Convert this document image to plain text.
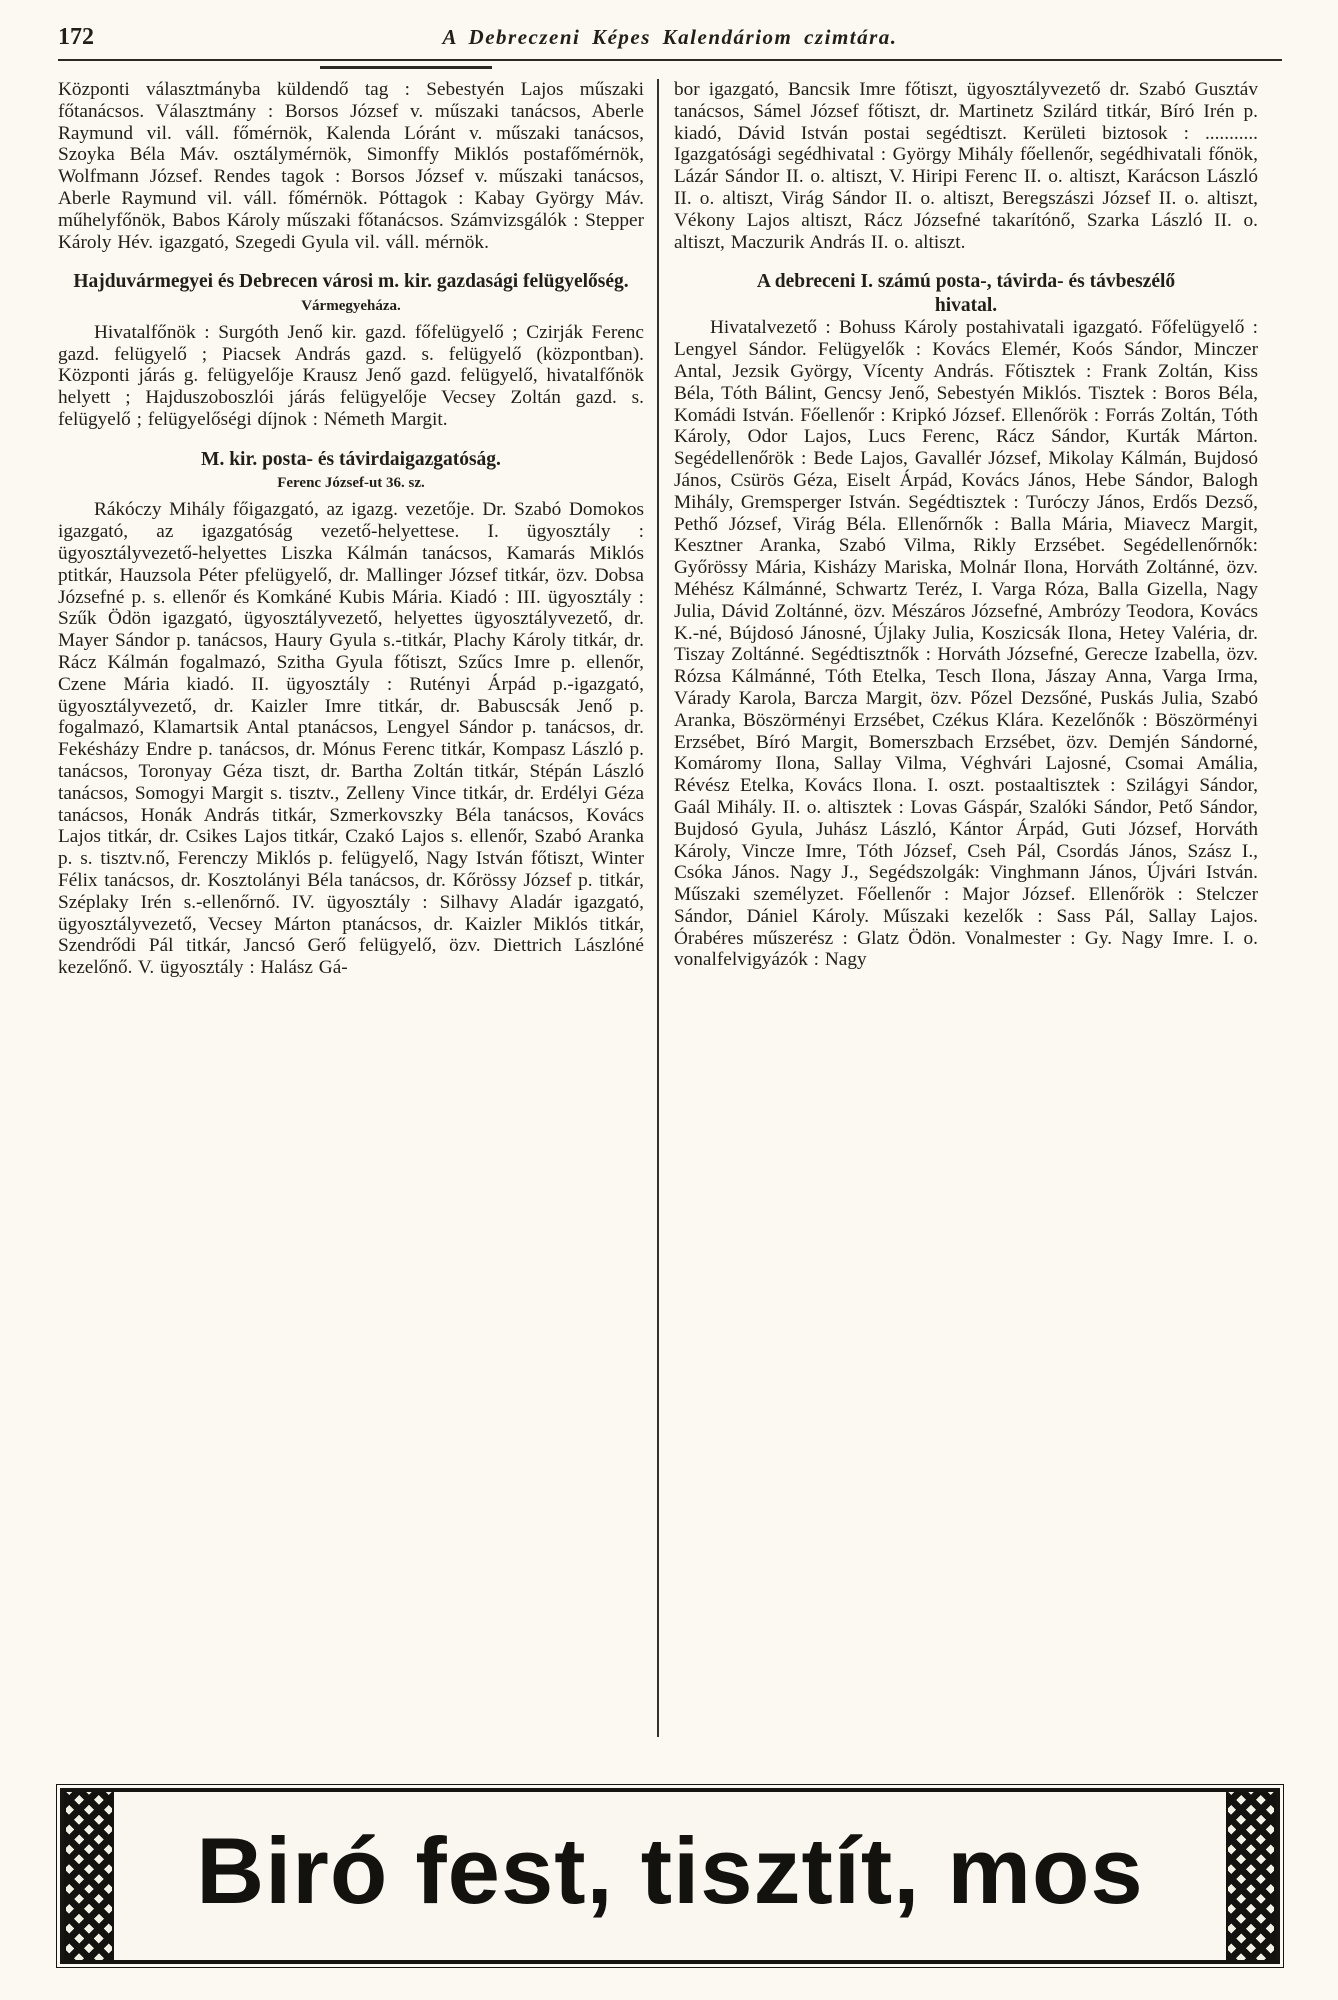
172	A Debreczeni Képes Kalendáriom czimtára.

Központi választmányba küldendő tag : Sebestyén Lajos műszaki főtanácsos. Választmány : Borsos József v. műszaki tanácsos, Aberle Raymund vil. váll. főmérnök, Kalenda Lóránt v. műszaki tanácsos, Szoyka Béla Máv. osztálymérnök, Simonffy Miklós postafőmérnök, Wolfmann József. Rendes tagok : Borsos József v. műszaki tanácsos, Aberle Raymund vil. váll. főmérnök. Póttagok : Kabay György Máv. műhelyfőnök, Babos Károly műszaki főtanácsos. Számvizsgálók : Stepper Károly Hév. igazgató, Szegedi Gyula vil. váll. mérnök.

Hajduvármegyei és Debrecen városi m. kir. gazdasági felügyelőség.
Vármegyeháza.

Hivatalfőnök : Surgóth Jenő kir. gazd. főfelügyelő ; Czirják Ferenc gazd. felügyelő ; Piacsek András gazd. s. felügyelő (központban). Központi járás g. felügyelője Krausz Jenő gazd. felügyelő, hivatalfőnök helyett ; Hajduszoboszlói járás felügyelője Vecsey Zoltán gazd. s. felügyelő ; felügyelőségi díjnok : Németh Margit.

M. kir. posta- és távirdaigazgatóság.
Ferenc József-ut 36. sz.

Rákóczy Mihály főigazgató, az igazg. vezetője. Dr. Szabó Domokos igazgató, az igazgatóság vezető-helyettese. I. ügyosztály : ügyosztályvezető-helyettes Liszka Kálmán tanácsos, Kamarás Miklós ptitkár, Hauzsola Péter pfelügyelő, dr. Mallinger József titkár, özv. Dobsa Józsefné p. s. ellenőr és Komkáné Kubis Mária. Kiadó : III. ügyosztály : Szűk Ödön igazgató, ügyosztályvezető, helyettes ügyosztályvezető, dr. Mayer Sándor p. tanácsos, Haury Gyula s.-titkár, Plachy Károly titkár, dr. Rácz Kálmán fogalmazó, Szitha Gyula főtiszt, Szűcs Imre p. ellenőr, Czene Mária kiadó. II. ügyosztály : Rutényi Árpád p.-igazgató, ügyosztályvezető, dr. Kaizler Imre titkár, dr. Babuscsák Jenő p. fogalmazó, Klamartsik Antal ptanácsos, Lengyel Sándor p. tanácsos, dr. Fekésházy Endre p. tanácsos, dr. Mónus Ferenc titkár, Kompasz László p. tanácsos, Toronyay Géza tiszt, dr. Bartha Zoltán titkár, Stépán László tanácsos, Somogyi Margit s. tisztv., Zelleny Vince titkár, dr. Erdélyi Géza tanácsos, Honák András titkár, Szmerkovszky Béla tanácsos, Kovács Lajos titkár, dr. Csikes Lajos titkár, Czakó Lajos s. ellenőr, Szabó Aranka p. s. tisztv.nő, Ferenczy Miklós p. felügyelő, Nagy István főtiszt, Winter Félix tanácsos, dr. Kosztolányi Béla tanácsos, dr. Kőrössy József p. titkár, Széplaky Irén s.-ellenőrnő. IV. ügyosztály : Silhavy Aladár igazgató, ügyosztályvezető, Vecsey Márton ptanácsos, dr. Kaizler Miklós titkár, Szendrődi Pál titkár, Jancsó Gerő felügyelő, özv. Diettrich Lászlóné kezelőnő. V. ügyosztály : Halász Gá-

bor igazgató, Bancsik Imre főtiszt, ügyosztályvezető dr. Szabó Gusztáv tanácsos, Sámel József főtiszt, dr. Martinetz Szilárd titkár, Bíró Irén p. kiadó, Dávid István postai segédtiszt. Kerületi biztosok : ........... Igazgatósági segédhivatal : György Mihály főellenőr, segédhivatali főnök, Lázár Sándor II. o. altiszt, V. Hiripi Ferenc II. o. altiszt, Karácson László II. o. altiszt, Virág Sándor II. o. altiszt, Beregszászi József II. o. altiszt, Vékony Lajos altiszt, Rácz Józsefné takarítónő, Szarka László II. o. altiszt, Maczurik András II. o. altiszt.

A debreceni I. számú posta-, távirda- és távbeszélő hivatal.

Hivatalvezető : Bohuss Károly postahivatali igazgató. Főfelügyelő : Lengyel Sándor. Felügyelők : Kovács Elemér, Koós Sándor, Minczer Antal, Jezsik György, Vícenty András. Főtisztek : Frank Zoltán, Kiss Béla, Tóth Bálint, Gencsy Jenő, Sebestyén Miklós. Tisztek : Boros Béla, Komádi István. Főellenőr : Kripkó József. Ellenőrök : Forrás Zoltán, Tóth Károly, Odor Lajos, Lucs Ferenc, Rácz Sándor, Kurták Márton. Segédellenőrök : Bede Lajos, Gavallér József, Mikolay Kálmán, Bujdosó János, Csürös Géza, Eiselt Árpád, Kovács János, Hebe Sándor, Balogh Mihály, Gremsperger István. Segédtisztek : Turóczy János, Erdős Dezső, Pethő József, Virág Béla. Ellenőrnők : Balla Mária, Miavecz Margit, Kesztner Aranka, Szabó Vilma, Rikly Erzsébet. Segédellenőrnők: Győrössy Mária, Kisházy Mariska, Molnár Ilona, Horváth Zoltánné, özv. Méhész Kálmánné, Schwartz Teréz, I. Varga Róza, Balla Gizella, Nagy Julia, Dávid Zoltánné, özv. Mészáros Józsefné, Ambrózy Teodora, Kovács K.-né, Bújdosó Jánosné, Újlaky Julia, Koszicsák Ilona, Hetey Valéria, dr. Tiszay Zoltánné. Segédtisztnők : Horváth Józsefné, Gerecze Izabella, özv. Rózsa Kálmánné, Tóth Etelka, Tesch Ilona, Jászay Anna, Varga Irma, Várady Karola, Barcza Margit, özv. Pőzel Dezsőné, Puskás Julia, Szabó Aranka, Böszörményi Erzsébet, Czékus Klára. Kezelőnők : Böszörményi Erzsébet, Bíró Margit, Bomerszbach Erzsébet, özv. Demjén Sándorné, Komáromy Ilona, Sallay Vilma, Véghvári Lajosné, Csomai Amália, Révész Etelka, Kovács Ilona. I. oszt. postaaltisztek : Szilágyi Sándor, Gaál Mihály. II. o. altisztek : Lovas Gáspár, Szalóki Sándor, Pető Sándor, Bujdosó Gyula, Juhász László, Kántor Árpád, Guti József, Horváth Károly, Vincze Imre, Tóth József, Cseh Pál, Csordás János, Szász I., Csóka János. Nagy J., Segédszolgák: Vinghmann János, Újvári István. Műszaki személyzet. Főellenőr : Major József. Ellenőrök : Stelczer Sándor, Dániel Károly. Műszaki kezelők : Sass Pál, Sallay Lajos. Órabéres műszerész : Glatz Ödön. Vonalmester : Gy. Nagy Imre. I. o. vonalfelvigyázók : Nagy

Biró fest, tisztít, mos
